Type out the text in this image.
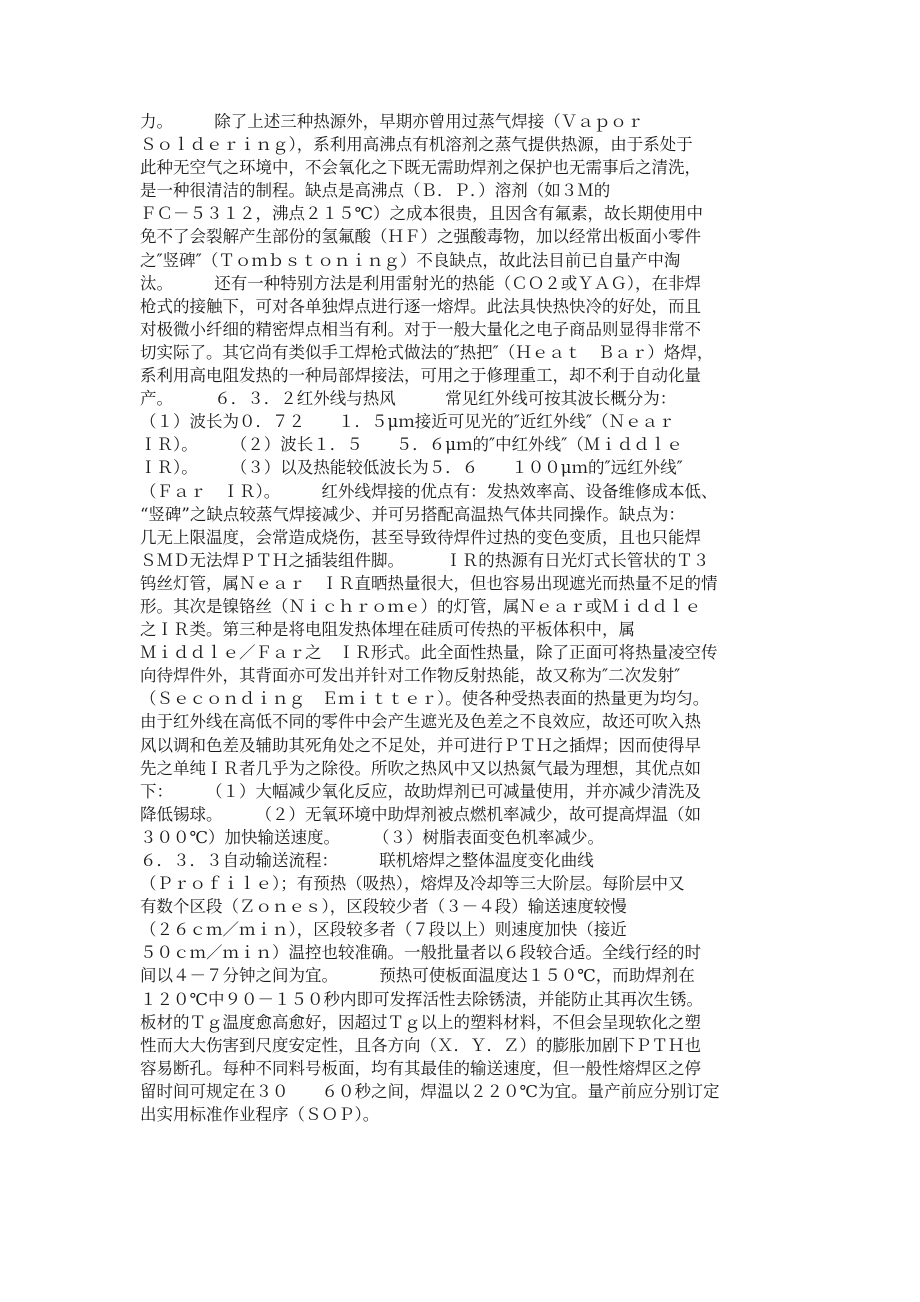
力。　　　除了上述三种热源外，早期亦曾用过蒸气焊接（Ｖａｐｏｒ
Ｓｏｌｄｅｒｉｎｇ），系利用高沸点有机溶剂之蒸气提供热源，由于系处于
此种无空气之环境中，不会氧化之下既无需助焊剂之保护也无需事后之清洗，
是一种很清洁的制程。缺点是高沸点（Ｂ．Ｐ．）溶剂（如３Ｍ的
ＦＣ－５３１２，沸点２１５℃）之成本很贵，且因含有氟素，故长期使用中
免不了会裂解产生部份的氢氟酸（ＨＦ）之强酸毒物，加以经常出板面小零件
之″竖碑″（Ｔｏｍｂｓｔｏｎｉｎｇ）不良缺点，故此法目前已自量产中淘
汰。　　　还有一种特别方法是利用雷射光的热能（ＣＯ２或ＹＡＧ），在非焊
枪式的接触下，可对各单独焊点进行逐一熔焊。此法具快热快冷的好处，而且
对极微小纤细的精密焊点相当有利。对于一般大量化之电子商品则显得非常不
切实际了。其它尚有类似手工焊枪式做法的″热把″（Ｈｅａｔ　Ｂａｒ）烙焊，
系利用高电阻发热的一种局部焊接法，可用之于修理重工，却不利于自动化量
产。　　　６．３．２红外线与热风　　　常见红外线可按其波长概分为：
（１）波长为０．７２　　１．５μｍ接近可见光的″近红外线″（Ｎｅａｒ
ＩＲ）。　　　（２）波长１．５　　５．６μｍ的″中红外线″（Ｍｉｄｄｌｅ
ＩＲ）。　　　（３）以及热能较低波长为５．６　　１００μｍ的″远红外线″
（Ｆａｒ　ＩＲ）。　　　红外线焊接的优点有：发热效率高、设备维修成本低、
“竖碑”之缺点较蒸气焊接减少、并可另搭配高温热气体共同操作。缺点为：
几无上限温度，会常造成烧伤，甚至导致待焊件过热的变色变质，且也只能焊
ＳＭＤ无法焊ＰＴＨ之插装组件脚。　　　ＩＲ的热源有日光灯式长管状的Ｔ３
钨丝灯管，属Ｎｅａｒ　ＩＲ直晒热量很大，但也容易出现遮光而热量不足的情
形。其次是镍铬丝（Ｎｉｃｈｒｏｍｅ）的灯管，属Ｎｅａｒ或Ｍｉｄｄｌｅ
之ＩＲ类。第三种是将电阻发热体埋在硅质可传热的平板体积中，属
Ｍｉｄｄｌｅ／Ｆａｒ之　ＩＲ形式。此全面性热量，除了正面可将热量凌空传
向待焊件外，其背面亦可发出并针对工作物反射热能，故又称为″二次发射″
（Ｓｅｃｏｎｄｉｎｇ　Ｅｍｉｔｔｅｒ）。使各种受热表面的热量更为均匀。
由于红外线在高低不同的零件中会产生遮光及色差之不良效应，故还可吹入热
风以调和色差及辅助其死角处之不足处，并可进行ＰＴＨ之插焊；因而使得早
先之单纯ＩＲ者几乎为之除役。所吹之热风中又以热氮气最为理想，其优点如
下：　　　（１）大幅减少氧化反应，故助焊剂已可减量使用，并亦减少清洗及
降低锡球。　　　（２）无氧环境中助焊剂被点燃机率减少，故可提高焊温（如
３００℃）加快输送速度。　　　（３）树脂表面变色机率减少。
６．３．３自动输送流程：　　　联机熔焊之整体温度变化曲线
（Ｐｒｏｆｉｌｅ）；有预热（吸热），熔焊及冷却等三大阶层。每阶层中又
有数个区段（Ｚｏｎｅｓ），区段较少者（３－４段）输送速度较慢
（２６ｃｍ／ｍｉｎ），区段较多者（７段以上）则速度加快（接近
５０ｃｍ／ｍｉｎ）温控也较准确。一般批量者以６段较合适。全线行经的时
间以４－７分钟之间为宜。　　　预热可使板面温度达１５０℃，而助焊剂在
１２０℃中９０－１５０秒内即可发挥活性去除锈渍，并能防止其再次生锈。
板材的Ｔｇ温度愈高愈好，因超过Ｔｇ以上的塑料材料，不但会呈现软化之塑
性而大大伤害到尺度安定性，且各方向（Ｘ．Ｙ．Ｚ）的膨胀加剧下ＰＴＨ也
容易断孔。每种不同料号板面，均有其最佳的输送速度，但一般性熔焊区之停
留时间可规定在３０　　６０秒之间，焊温以２２０℃为宜。量产前应分别订定
出实用标准作业程序（ＳＯＰ）。
